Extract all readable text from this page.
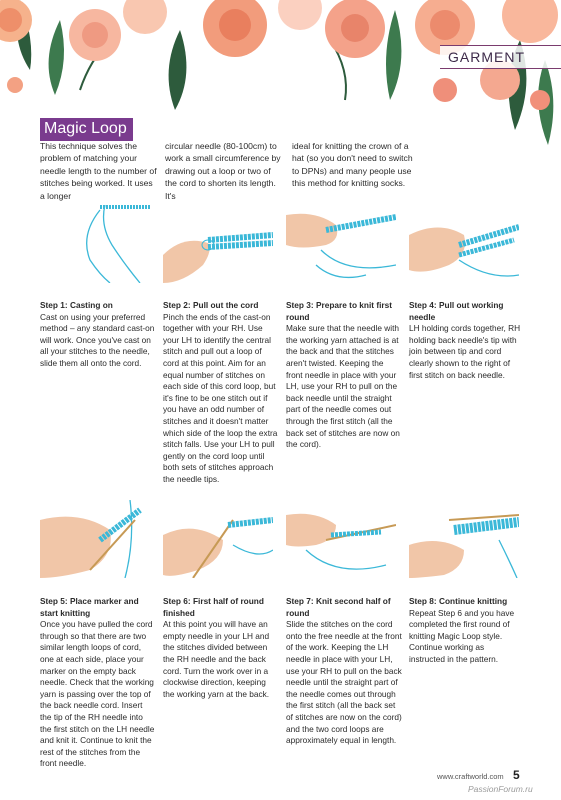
GARMENT
Magic Loop
This technique solves the problem of matching your needle length to the number of stitches being worked. It uses a longer
circular needle (80-100cm) to work a small circumference by drawing out a loop or two of the cord to shorten its length. It's
ideal for knitting the crown of a hat (so you don't need to switch to DPNs) and many people use this method for knitting socks.
Step 1: Casting on
Cast on using your preferred method – any standard cast-on will work. Once you've cast on all your stitches to the needle, slide them all onto the cord.
Step 2: Pull out the cord
Pinch the ends of the cast-on together with your RH. Use your LH to identify the central stitch and pull out a loop of cord at this point. Aim for an equal number of stitches on each side of this cord loop, but it's fine to be one stitch out if you have an odd number of stitches and it doesn't matter which side of the loop the extra stitch falls. Use your LH to pull gently on the cord loop until both sets of stitches approach the needle tips.
Step 3: Prepare to knit first round
Make sure that the needle with the working yarn attached is at the back and that the stitches aren't twisted. Keeping the front needle in place with your LH, use your RH to pull on the back needle until the straight part of the needle comes out through the first stitch (all the back set of stitches are now on the cord).
Step 4: Pull out working needle
LH holding cords together, RH holding back needle's tip with join between tip and cord clearly shown to the right of first stitch on back needle.
Step 5: Place marker and start knitting
Once you have pulled the cord through so that there are two similar length loops of cord, one at each side, place your marker on the empty back needle. Check that the working yarn is passing over the top of the back needle cord. Insert the tip of the RH needle into the first stitch on the LH needle and knit it. Continue to knit the rest of the stitches from the front needle.
Step 6: First half of round finished
At this point you will have an empty needle in your LH and the stitches divided between the RH needle and the back cord. Turn the work over in a clockwise direction, keeping the working yarn at the back.
Step 7: Knit second half of round
Slide the stitches on the cord onto the free needle at the front of the work. Keeping the LH needle in place with your LH, use your RH to pull on the back needle until the straight part of the needle comes out through the first stitch (all the back set of stitches are now on the cord) and the two cord loops are approximately equal in length.
Step 8: Continue knitting
Repeat Step 6 and you have completed the first round of knitting Magic Loop style. Continue working as instructed in the pattern.
www.craftworld.com 5
PassionForum.ru
